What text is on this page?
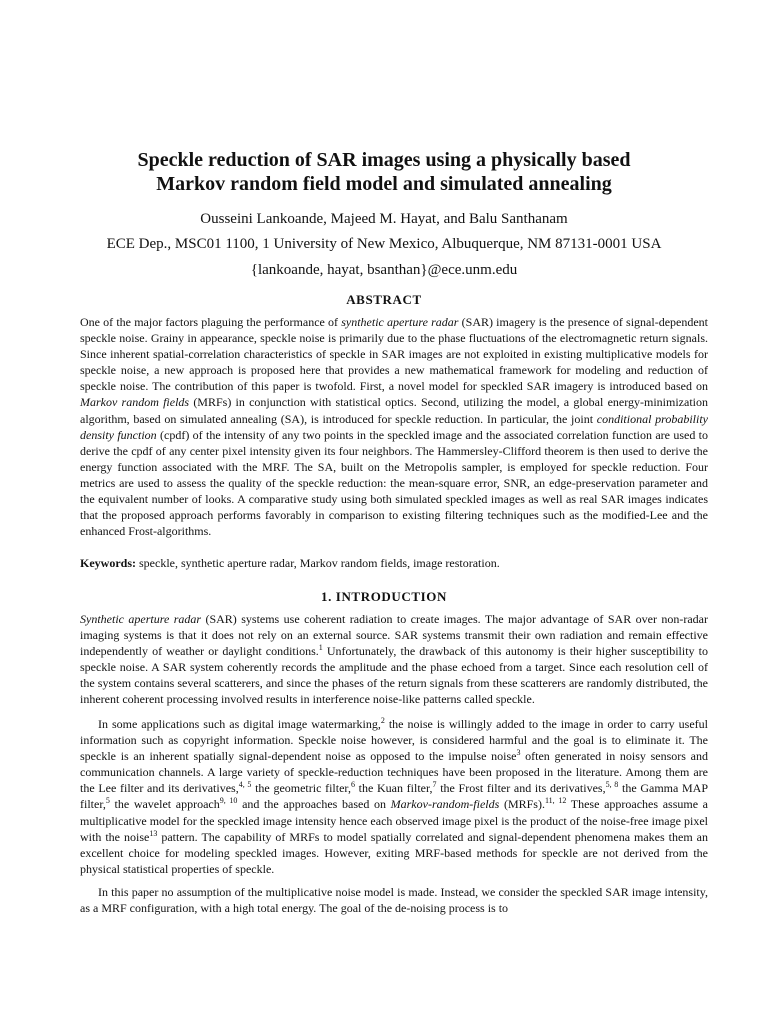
Speckle reduction of SAR images using a physically based
Markov random field model and simulated annealing

Ousseini Lankoande, Majeed M. Hayat, and Balu Santhanam

ECE Dep., MSC01 1100, 1 University of New Mexico, Albuquerque, NM 87131-0001 USA

{lankoande, hayat, bsanthan}@ece.unm.edu

ABSTRACT

One of the major factors plaguing the performance of synthetic aperture radar (SAR) imagery is the presence of signal-dependent speckle noise. Grainy in appearance, speckle noise is primarily due to the phase fluctuations of the electromagnetic return signals. Since inherent spatial-correlation characteristics of speckle in SAR images are not exploited in existing multiplicative models for speckle noise, a new approach is proposed here that provides a new mathematical framework for modeling and reduction of speckle noise. The contribution of this paper is twofold. First, a novel model for speckled SAR imagery is introduced based on Markov random fields (MRFs) in conjunction with statistical optics. Second, utilizing the model, a global energy-minimization algorithm, based on simulated annealing (SA), is introduced for speckle reduction. In particular, the joint conditional probability density function (cpdf) of the intensity of any two points in the speckled image and the associated correlation function are used to derive the cpdf of any center pixel intensity given its four neighbors. The Hammersley-Clifford theorem is then used to derive the energy function associated with the MRF. The SA, built on the Metropolis sampler, is employed for speckle reduction. Four metrics are used to assess the quality of the speckle reduction: the mean-square error, SNR, an edge-preservation parameter and the equivalent number of looks. A comparative study using both simulated speckled images as well as real SAR images indicates that the proposed approach performs favorably in comparison to existing filtering techniques such as the modified-Lee and the enhanced Frost-algorithms.

Keywords: speckle, synthetic aperture radar, Markov random fields, image restoration.

1. INTRODUCTION

Synthetic aperture radar (SAR) systems use coherent radiation to create images. The major advantage of SAR over non-radar imaging systems is that it does not rely on an external source. SAR systems transmit their own radiation and remain effective independently of weather or daylight conditions.$^1$ Unfortunately, the drawback of this autonomy is their higher susceptibility to speckle noise. A SAR system coherently records the amplitude and the phase echoed from a target. Since each resolution cell of the system contains several scatterers, and since the phases of the return signals from these scatterers are randomly distributed, the inherent coherent processing involved results in interference noise-like patterns called speckle.

In some applications such as digital image watermarking,$^2$ the noise is willingly added to the image in order to carry useful information such as copyright information. Speckle noise however, is considered harmful and the goal is to eliminate it. The speckle is an inherent spatially signal-dependent noise as opposed to the impulse noise$^3$ often generated in noisy sensors and communication channels. A large variety of speckle-reduction techniques have been proposed in the literature. Among them are the Lee filter and its derivatives,$^{4, 5}$ the geometric filter,$^6$ the Kuan filter,$^7$ the Frost filter and its derivatives,$^{5, 8}$ the Gamma MAP filter,$^5$ the wavelet approach$^{9, 10}$ and the approaches based on Markov-random-fields (MRFs).$^{11, 12}$ These approaches assume a multiplicative model for the speckled image intensity hence each observed image pixel is the product of the noise-free image pixel with the noise$^{13}$ pattern. The capability of MRFs to model spatially correlated and signal-dependent phenomena makes them an excellent choice for modeling speckled images. However, exiting MRF-based methods for speckle are not derived from the physical statistical properties of speckle.

In this paper no assumption of the multiplicative noise model is made. Instead, we consider the speckled SAR image intensity, as a MRF configuration, with a high total energy. The goal of the de-noising process is to
